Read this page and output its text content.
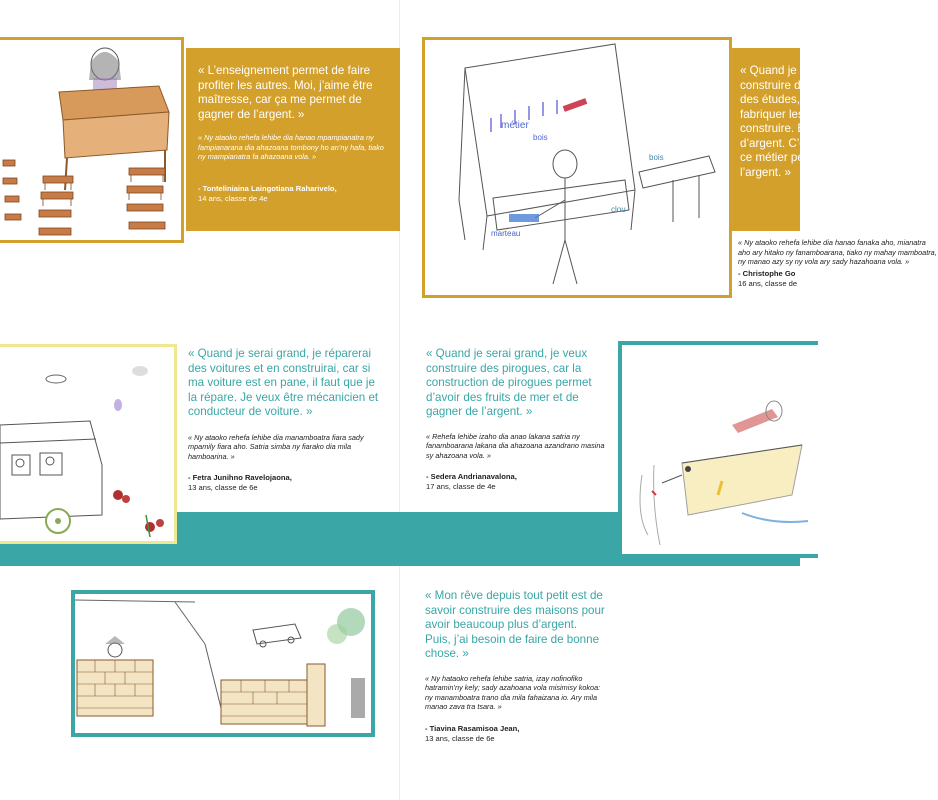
« L’enseignement permet de faire profiter les autres. Moi, j’aime être maîtresse, car ça me permet de gagner de l’argent. »

« Ny ataoko rehefa lehibe dia hanao mpampianatra ny fampianarana dia ahazoana tombony ho an’ny hafa, tiako ny mampianatra fa ahazoana vola. »

- Tonteliniaina Laingotiana Raharivelo,

14 ans, classe de 4e

métier
bois
marteau
bois
clou

« Quand je serai grand, je souhaite construire des meubles. Je vais faire des études, puis je trouverai comment fabriquer les meubles, ce que j’aime construire. En plus, j’aurai beaucoup d’argent. C’est pour quoi, je dis que ce métier permet de gagner de l’argent. »

« Ny ataoko rehefa lehibe dia hanao fanaka aho, mianatra aho ary hitako ny fanamboarana, tiako ny mahay mamboatra, ny manao azy sy ny vola ary sady hazahoana vola. »

- Christophe Go

16 ans, classe de

« Quand je serai grand, je réparerai des voitures et en construirai, car si ma voiture est en pane, il faut que je la répare. Je veux être mécanicien et conducteur de voiture. »

« Ny ataoko rehefa lehibe dia manamboatra fiara sady mpamily fiara aho. Satria simba ny fiarako dia mila hamboarina. »

- Fetra Junihno Ravelojaona,

13 ans, classe de 6e

« Quand je serai grand, je veux construire des pirogues, car la construction de pirogues permet d’avoir des fruits de mer et de gagner de l’argent. »

« Rehefa lehibe izaho dia anao lakana satria ny fanamboarana lakana dia ahazoana azandrano masina sy ahazoana vola. »

- Sedera Andrianavalona,

17 ans, classe de 4e

« Mon rêve depuis tout petit est de savoir construire des maisons pour avoir beaucoup plus d’argent. Puis, j’ai besoin de faire de bonne chose. »

« Ny hataoko rehefa lehibe satria, izay nofinofiko hatramin’ny kely; sady azahoana vola misimisy kokoa: ny manamboatra trano dia mila fahaizana io. Ary mila manao zava tra tsara. »

- Tiavina Rasamisoa Jean,

13 ans, classe de 6e
